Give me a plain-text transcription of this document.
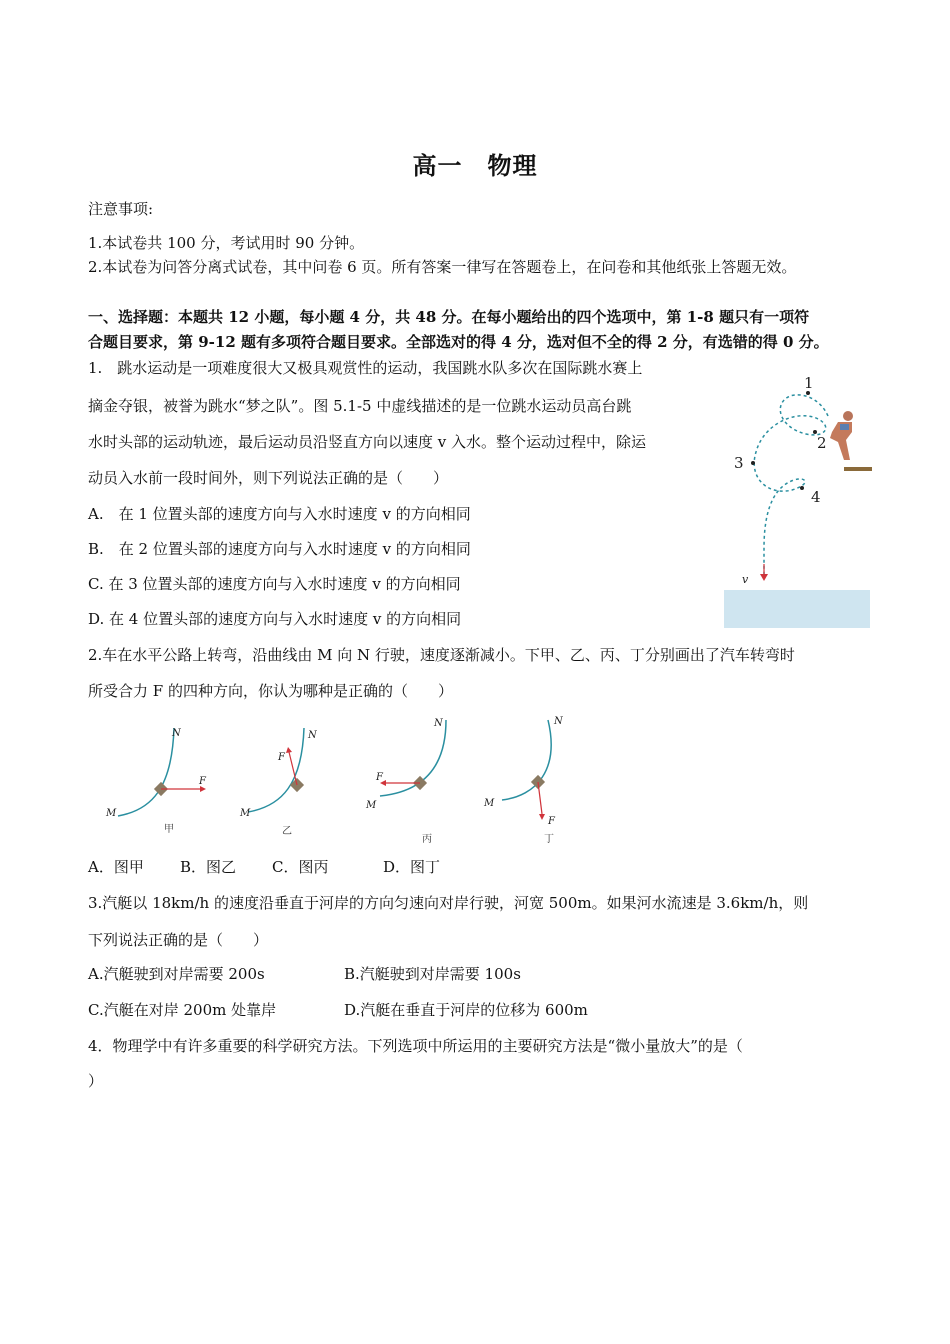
高一　物理
注意事项:
1.本试卷共 100 分，考试用时 90 分钟。
2.本试卷为问答分离式试卷，其中问卷 6 页。所有答案一律写在答题卷上，在问卷和其他纸张上答题无效。
一、选择题：本题共 12 小题，每小题 4 分，共 48 分。在每小题给出的四个选项中，第 1-8 题只有一项符
合题目要求，第 9-12 题有多项符合题目要求。全部选对的得 4 分，选对但不全的得 2 分，有选错的得 0 分。
1.　跳水运动是一项难度很大又极具观赏性的运动，我国跳水队多次在国际跳水赛上
摘金夺银，被誉为跳水“梦之队”。图 5.1-5 中虚线描述的是一位跳水运动员高台跳
水时头部的运动轨迹，最后运动员沿竖直方向以速度 v 入水。整个运动过程中，除运
动员入水前一段时间外，则下列说法正确的是（　　）
A.　在 1 位置头部的速度方向与入水时速度 v 的方向相同
B.　在 2 位置头部的速度方向与入水时速度 v 的方向相同
C. 在 3 位置头部的速度方向与入水时速度 v 的方向相同
D. 在 4 位置头部的速度方向与入水时速度 v 的方向相同
1
2
3
4
v
2.车在水平公路上转弯，沿曲线由 M 向 N 行驶，速度逐渐减小。下甲、乙、丙、丁分别画出了汽车转弯时
所受合力 F 的四种方向，你认为哪种是正确的（　　）
N
M
F
甲
N
M
F
乙
N
M
F
丙
N
M
F
丁
A．图甲 B．图乙 C．图丙	D．图丁
3.汽艇以 18km/h 的速度沿垂直于河岸的方向匀速向对岸行驶，河宽 500m。如果河水流速是 3.6km/h，则
下列说法正确的是（　　）
A.汽艇驶到对岸需要 200s	B.汽艇驶到对岸需要 100s
C.汽艇在对岸 200m 处靠岸	D.汽艇在垂直于河岸的位移为 600m
4．物理学中有许多重要的科学研究方法。下列选项中所运用的主要研究方法是“微小量放大”的是（
）
